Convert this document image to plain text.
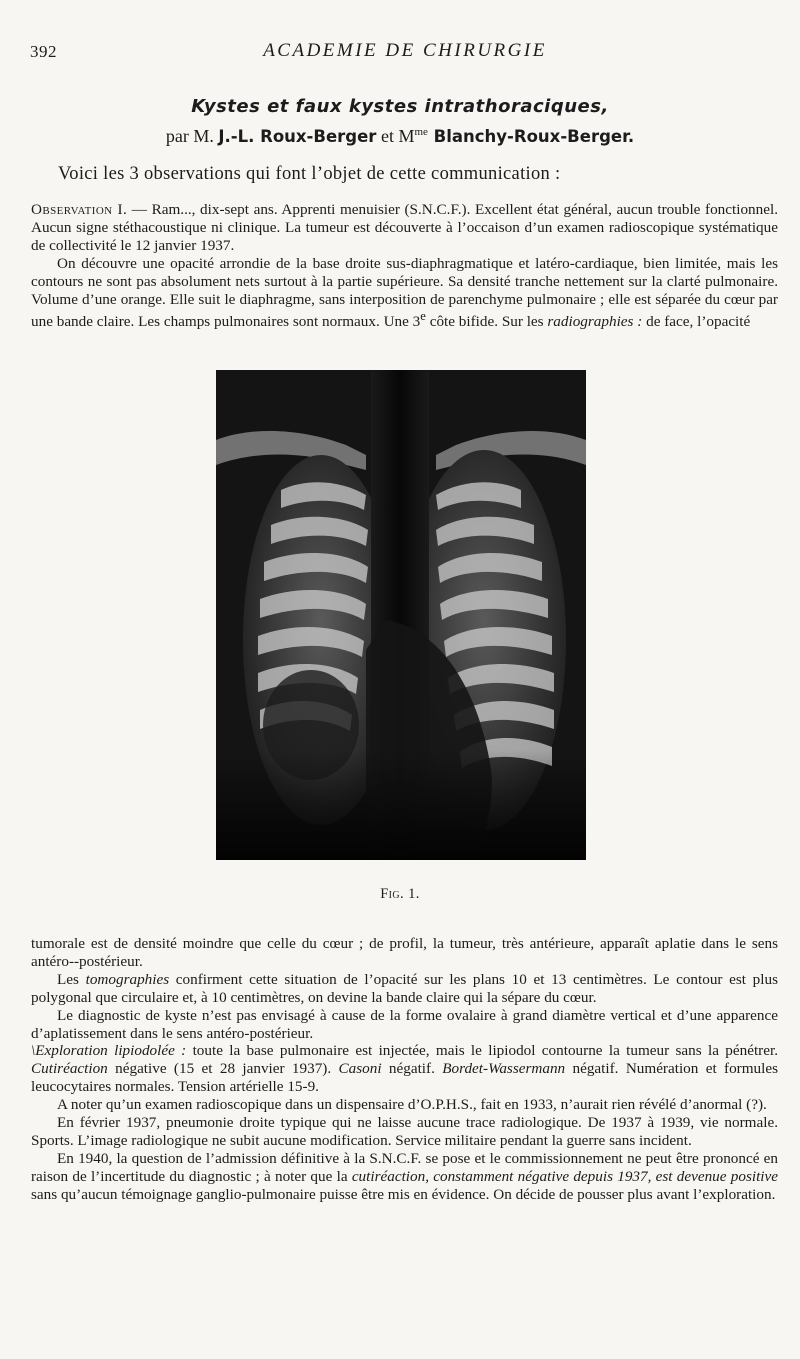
392	ACADEMIE DE CHIRURGIE
Kystes et faux kystes intrathoraciques,

par M. J.-L. Roux-Berger et $M^{me}$ Blanchy-Roux-Berger.

Voici les 3 observations qui font l’objet de cette communication :

Observation I. — Ram..., dix-sept ans. Apprenti menuisier (S.N.C.F.). Excellent état général, aucun trouble fonctionnel. Aucun signe stéthacoustique ni clinique. La tumeur est découverte à l’occaison d’un examen radioscopique systématique de collectivité le 12 janvier 1937.

On découvre une opacité arrondie de la base droite sus-diaphragmatique et latéro-cardiaque, bien limitée, mais les contours ne sont pas absolument nets surtout à la partie supérieure. Sa densité tranche nettement sur la clarté pulmonaire. Volume d’une orange. Elle suit le diaphragme, sans interposition de parenchyme pulmonaire ; elle est séparée du cœur par une bande claire. Les champs pulmonaires sont normaux. Une 3e côte bifide. Sur les radiographies : de face, l’opacité

Fig. 1.

tumorale est de densité moindre que celle du cœur ; de profil, la tumeur, très antérieure, apparaît aplatie dans le sens antéro--postérieur.

Les tomographies confirment cette situation de l’opacité sur les plans 10 et 13 centimètres. Le contour est plus polygonal que circulaire et, à 10 centimètres, on devine la bande claire qui la sépare du cœur.

Le diagnostic de kyste n’est pas envisagé à cause de la forme ovalaire à grand diamètre vertical et d’une apparence d’aplatissement dans le sens antéro-postérieur.

\Exploration lipiodolée : toute la base pulmonaire est injectée, mais le lipiodol contourne la tumeur sans la pénétrer. Cutiréaction négative (15 et 28 janvier 1937). Casoni négatif. Bordet-Wassermann négatif. Numération et formules leucocytaires normales. Tension artérielle 15-9.

A noter qu’un examen radioscopique dans un dispensaire d’O.P.H.S., fait en 1933, n’aurait rien révélé d’anormal (?).

En février 1937, pneumonie droite typique qui ne laisse aucune trace radiologique. De 1937 à 1939, vie normale. Sports. L’image radiologique ne subit aucune modification. Service militaire pendant la guerre sans incident.

En 1940, la question de l’admission définitive à la S.N.C.F. se pose et le commissionnement ne peut être prononcé en raison de l’incertitude du diagnostic ; à noter que la cutiréaction, constamment négative depuis 1937, est devenue positive sans qu’aucun témoignage ganglio-pulmonaire puisse être mis en évidence. On décide de pousser plus avant l’exploration.
